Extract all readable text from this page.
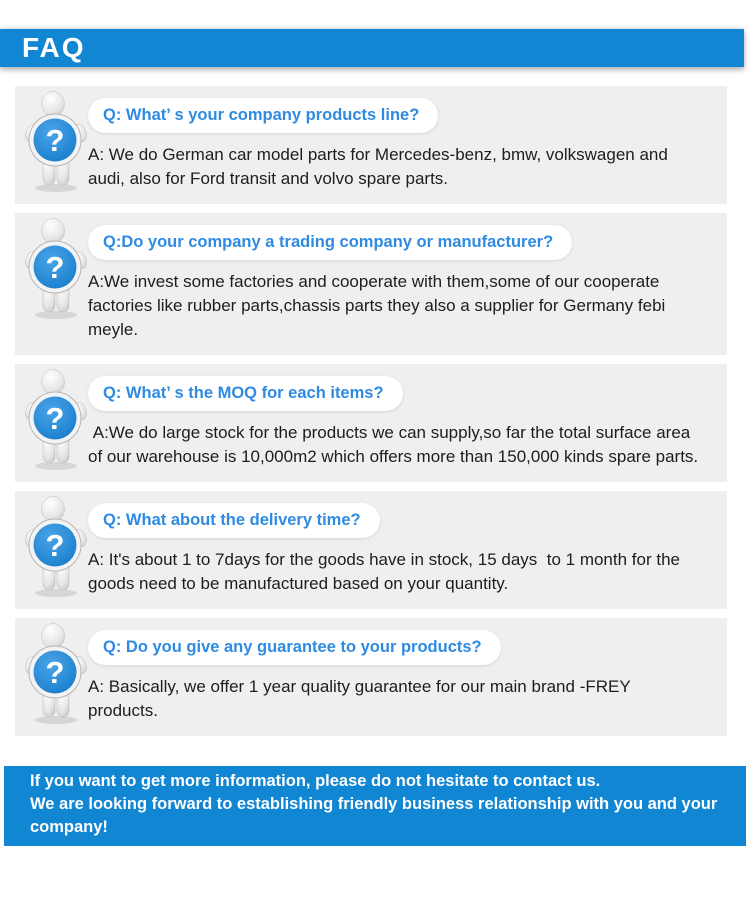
FAQ
?
Q: What’ s your company products line?
A: We do German car model parts for Mercedes-benz, bmw, volkswagen and audi, also for Ford transit and volvo spare parts.
?
Q:Do your company a trading company or manufacturer?
A:We invest some factories and cooperate with them,some of our cooperate factories like rubber parts,chassis parts they also a supplier for Germany febi meyle.
?
Q: What’ s the MOQ for each items?
A:We do large stock for the products we can supply,so far the total surface area of our warehouse is 10,000m2 which offers more than 150,000 kinds spare parts.
?
Q: What about the delivery time?
A: It's about 1 to 7days for the goods have in stock, 15 days  to 1 month for the goods need to be manufactured based on your quantity.
?
Q: Do you give any guarantee to your products?
A: Basically, we offer 1 year quality guarantee for our main brand -FREY products.
If you want to get more information, please do not hesitate to contact us.
We are looking forward to establishing friendly business relationship with you and your company!
